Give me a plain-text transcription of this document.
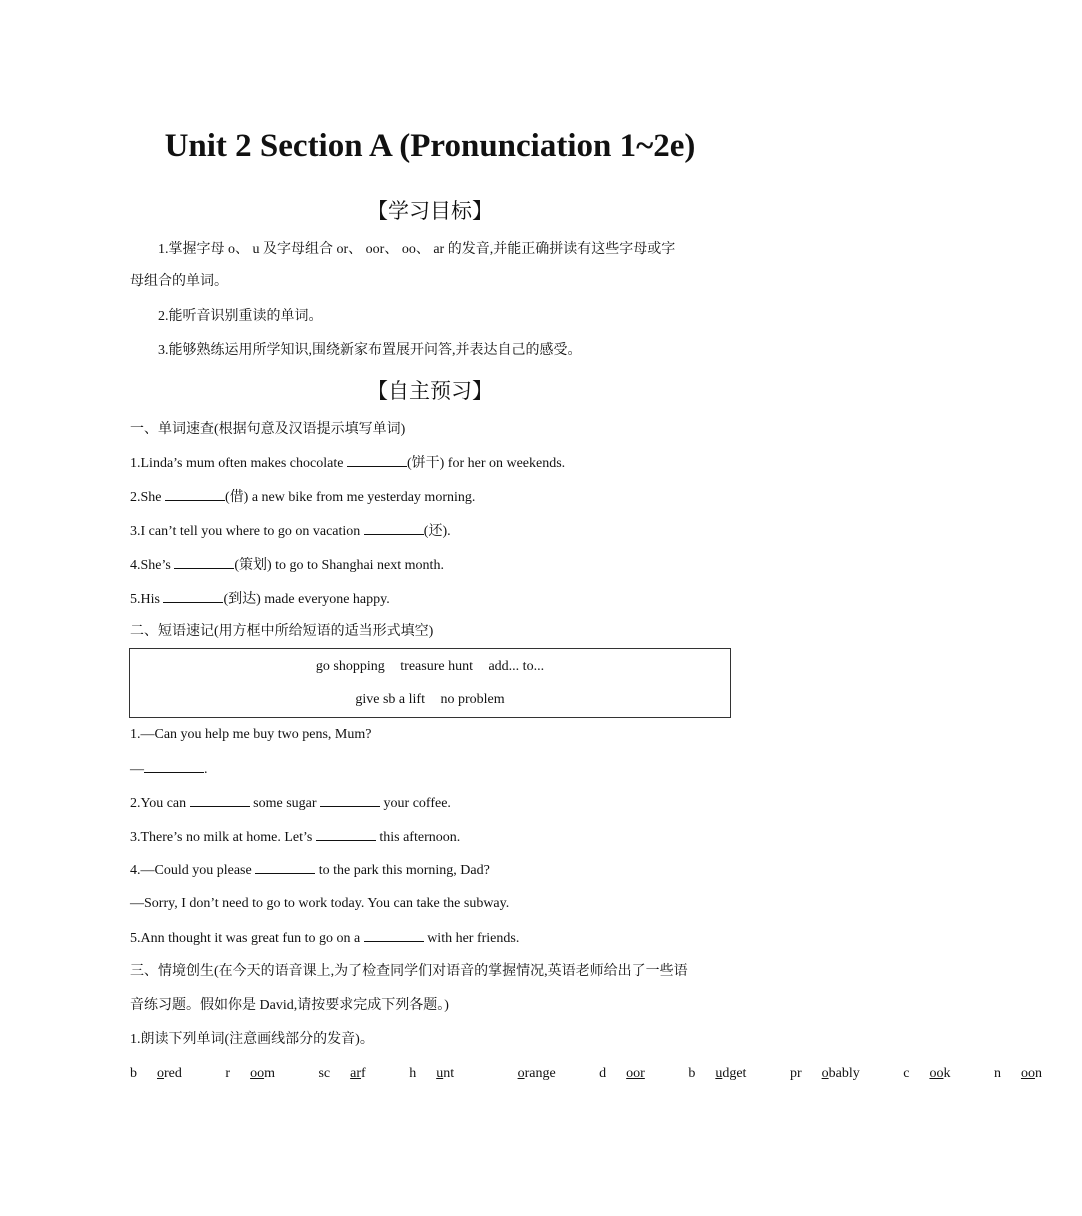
Unit 2 Section A (Pronunciation 1~2e)
【学习目标】
1.掌握字母 o、 u 及字母组合 or、 oor、 oo、 ar 的发音,并能正确拼读有这些字母或字
母组合的单词。
2.能听音识别重读的单词。
3.能够熟练运用所学知识,围绕新家布置展开问答,并表达自己的感受。
【自主预习】
一、单词速查(根据句意及汉语提示填写单词)
1.Linda’s mum often makes chocolate	(饼干) for her on weekends.
2.She	(借) a new bike from me yesterday morning.
3.I can’t tell you where to go on vacation	(还).
4.She’s	(策划) to go to Shanghai next month.
5.His	(到达) made everyone happy.
二、短语速记(用方框中所给短语的适当形式填空)
go shopping treasure hunt add... to...
give sb a lift no problem
1.—Can you help me buy two pens, Mum?
—	.
2.You can	some sugar	your coffee.
3.There’s no milk at home. Let’s	this afternoon.
4.—Could you please	to the park this morning, Dad?
—Sorry, I don’t need to go to work today. You can take the subway.
5.Ann thought it was great fun to go on a	with her friends.
三、情境创生(在今天的语音课上,为了检查同学们对语音的掌握情况,英语老师给出了一些语
音练习题。假如你是 David,请按要求完成下列各题。)
1.朗读下列单词(注意画线部分的发音)。
b ored	r oom	sc arf	h unt	orange	d oor	b udget	pr obably	c ook	n oon
